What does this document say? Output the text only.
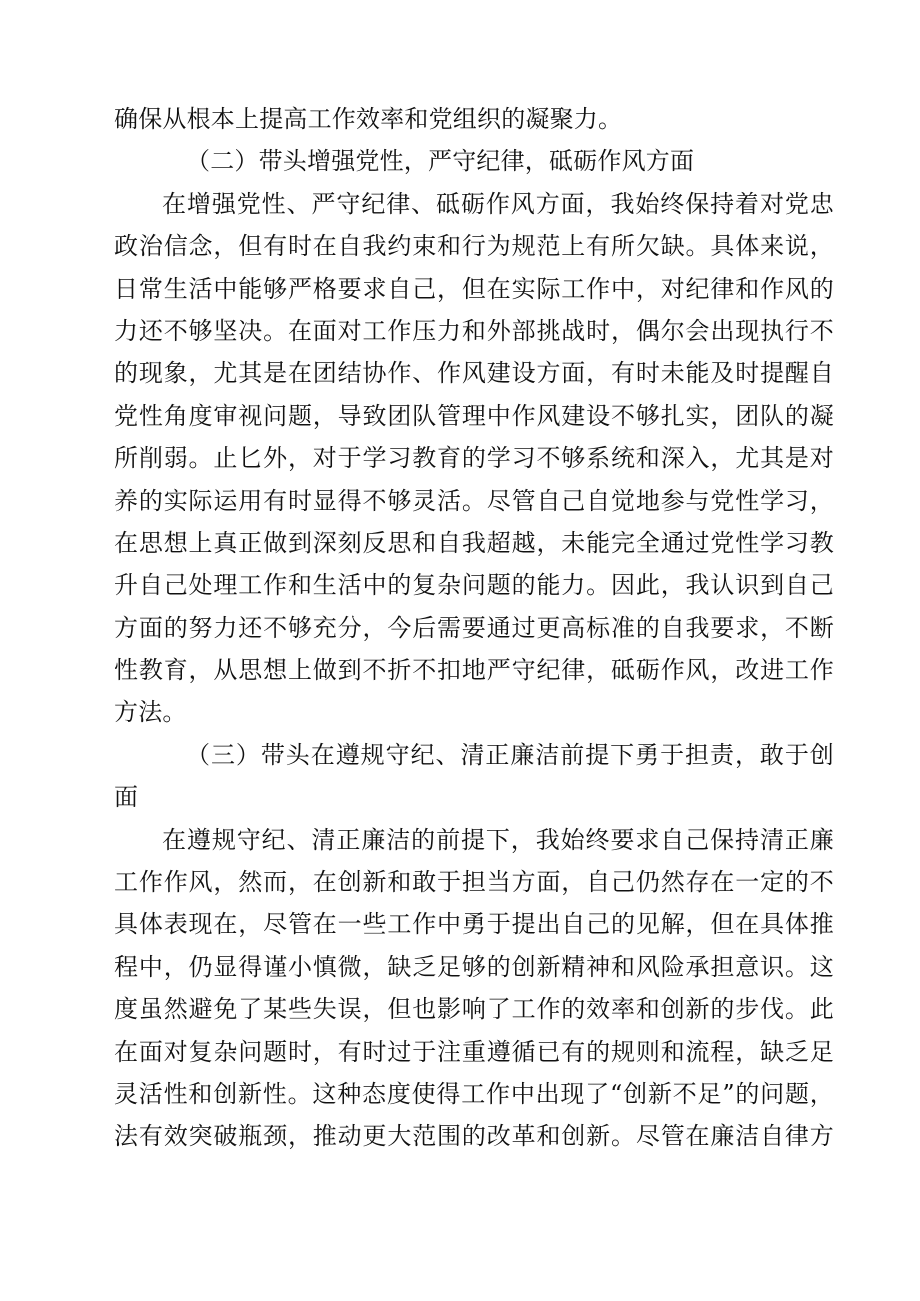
确保从根本上提高工作效率和党组织的凝聚力。
（二）带头增强党性，严守纪律，砥砺作风方面
在增强党性、严守纪律、砥砺作风方面，我始终保持着对党忠
政治信念，但有时在自我约束和行为规范上有所欠缺。具体来说，
日常生活中能够严格要求自己，但在实际工作中，对纪律和作风的
力还不够坚决。在面对工作压力和外部挑战时，偶尔会出现执行不
的现象，尤其是在团结协作、作风建设方面，有时未能及时提醒自
党性角度审视问题，导致团队管理中作风建设不够扎实，团队的凝
所削弱。止匕外，对于学习教育的学习不够系统和深入，尤其是对
养的实际运用有时显得不够灵活。尽管自己自觉地参与党性学习，
在思想上真正做到深刻反思和自我超越，未能完全通过党性学习教
升自己处理工作和生活中的复杂问题的能力。因此，我认识到自己
方面的努力还不够充分，今后需要通过更高标准的自我要求，不断
性教育，从思想上做到不折不扣地严守纪律，砥砺作风，改进工作
方法。
（三）带头在遵规守纪、清正廉洁前提下勇于担责，敢于创
面
在遵规守纪、清正廉洁的前提下，我始终要求自己保持清正廉
工作作风，然而，在创新和敢于担当方面，自己仍然存在一定的不
具体表现在，尽管在一些工作中勇于提出自己的见解，但在具体推
程中，仍显得谨小慎微，缺乏足够的创新精神和风险承担意识。这
度虽然避免了某些失误，但也影响了工作的效率和创新的步伐。此
在面对复杂问题时，有时过于注重遵循已有的规则和流程，缺乏足
灵活性和创新性。这种态度使得工作中出现了“创新不足”的问题，
法有效突破瓶颈，推动更大范围的改革和创新。尽管在廉洁自律方
